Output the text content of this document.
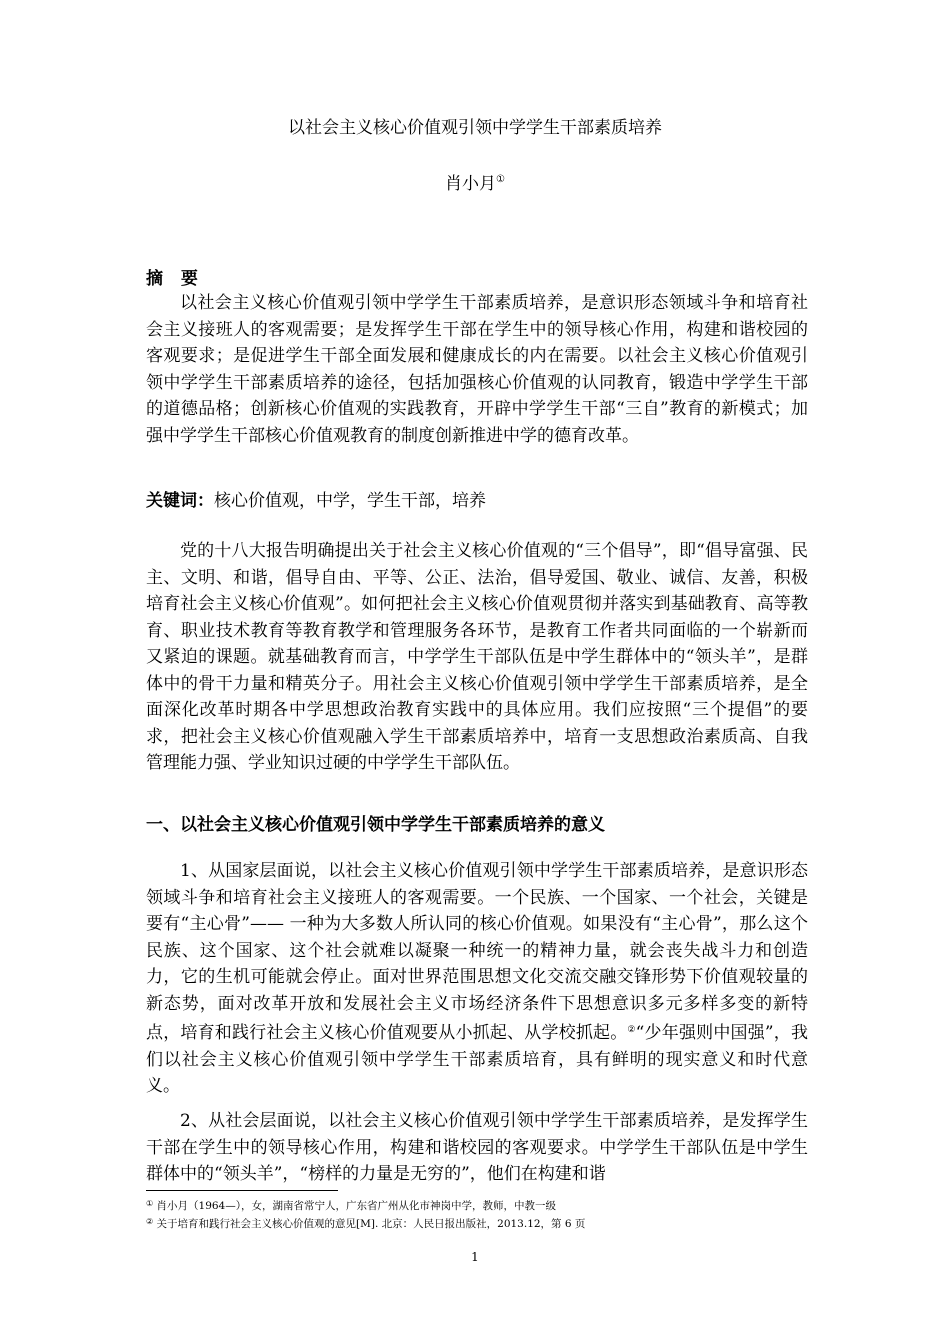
以社会主义核心价值观引领中学学生干部素质培养
肖小月①
摘 要
以社会主义核心价值观引领中学学生干部素质培养，是意识形态领域斗争和培育社会主义接班人的客观需要；是发挥学生干部在学生中的领导核心作用，构建和谐校园的客观要求；是促进学生干部全面发展和健康成长的内在需要。以社会主义核心价值观引领中学学生干部素质培养的途径，包括加强核心价值观的认同教育，锻造中学学生干部的道德品格；创新核心价值观的实践教育，开辟中学学生干部“三自”教育的新模式；加强中学学生干部核心价值观教育的制度创新推进中学的德育改革。
关键词：核心价值观，中学，学生干部，培养
党的十八大报告明确提出关于社会主义核心价值观的“三个倡导”，即“倡导富强、民主、文明、和谐，倡导自由、平等、公正、法治，倡导爱国、敬业、诚信、友善，积极培育社会主义核心价值观”。如何把社会主义核心价值观贯彻并落实到基础教育、高等教育、职业技术教育等教育教学和管理服务各环节，是教育工作者共同面临的一个崭新而又紧迫的课题。就基础教育而言，中学学生干部队伍是中学生群体中的“领头羊”，是群体中的骨干力量和精英分子。用社会主义核心价值观引领中学学生干部素质培养，是全面深化改革时期各中学思想政治教育实践中的具体应用。我们应按照“三个提倡”的要求，把社会主义核心价值观融入学生干部素质培养中，培育一支思想政治素质高、自我管理能力强、学业知识过硬的中学学生干部队伍。
一、以社会主义核心价值观引领中学学生干部素质培养的意义
1、从国家层面说，以社会主义核心价值观引领中学学生干部素质培养，是意识形态领域斗争和培育社会主义接班人的客观需要。一个民族、一个国家、一个社会，关键是要有“主心骨”—— 一种为大多数人所认同的核心价值观。如果没有“主心骨”，那么这个民族、这个国家、这个社会就难以凝聚一种统一的精神力量，就会丧失战斗力和创造力，它的生机可能就会停止。面对世界范围思想文化交流交融交锋形势下价值观较量的新态势，面对改革开放和发展社会主义市场经济条件下思想意识多元多样多变的新特点，培育和践行社会主义核心价值观要从小抓起、从学校抓起。②“少年强则中国强”，我们以社会主义核心价值观引领中学学生干部素质培育，具有鲜明的现实意义和时代意义。
2、从社会层面说，以社会主义核心价值观引领中学学生干部素质培养，是发挥学生干部在学生中的领导核心作用，构建和谐校园的客观要求。中学学生干部队伍是中学生群体中的“领头羊”，“榜样的力量是无穷的”，他们在构建和谐
① 肖小月（1964—），女，湖南省常宁人，广东省广州从化市神岗中学，教师，中教一级
② 关于培育和践行社会主义核心价值观的意见[M]. 北京：人民日报出版社，2013.12，第 6 页
1
